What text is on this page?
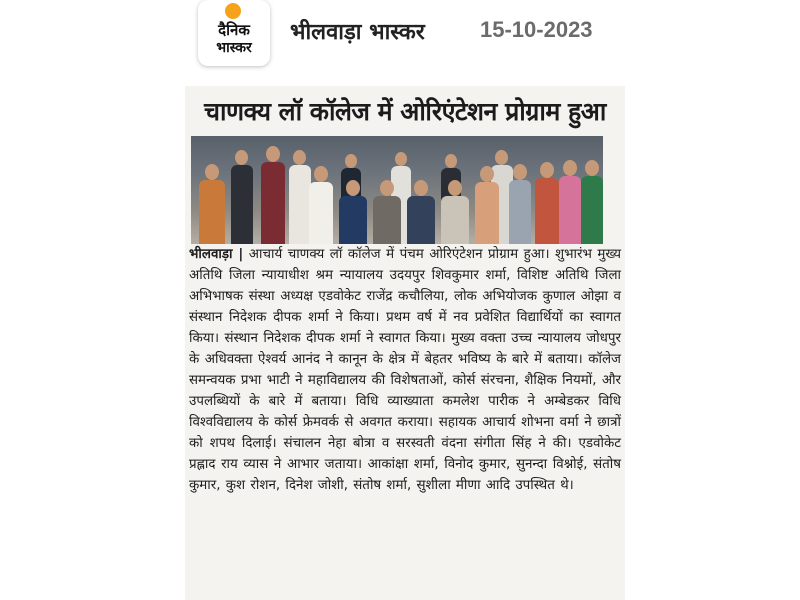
दैनिक
भास्कर
भीलवाड़ा भास्कर	15-10-2023
चाणक्य लॉ कॉलेज में ओरिएंटेशन प्रोग्राम हुआ
भीलवाड़ा | आचार्य चाणक्य लॉ कॉलेज में पंचम ओरिएंटेशन प्रोग्राम हुआ। शुभारंभ मुख्य अतिथि जिला न्यायाधीश श्रम न्यायालय उदयपुर शिवकुमार शर्मा, विशिष्ट अतिथि जिला अभिभाषक संस्था अध्यक्ष एडवोकेट राजेंद्र कचौलिया, लोक अभियोजक कुणाल ओझा व संस्थान निदेशक दीपक शर्मा ने किया। प्रथम वर्ष में नव प्रवेशित विद्यार्थियों का स्वागत किया। संस्थान निदेशक दीपक शर्मा ने स्वागत किया। मुख्य वक्ता उच्च न्यायालय जोधपुर के अधिवक्ता ऐश्वर्य आनंद ने कानून के क्षेत्र में बेहतर भविष्य के बारे में बताया। कॉलेज समन्वयक प्रभा भाटी ने महाविद्यालय की विशेषताओं, कोर्स संरचना, शैक्षिक नियमों, और उपलब्धियों के बारे में बताया। विधि व्याख्याता कमलेश पारीक ने अम्बेडकर विधि विश्वविद्यालय के कोर्स फ्रेमवर्क से अवगत कराया। सहायक आचार्य शोभना वर्मा ने छात्रों को शपथ दिलाई। संचालन नेहा बोत्रा व सरस्वती वंदना संगीता सिंह ने की। एडवोकेट प्रह्लाद राय व्यास ने आभार जताया। आकांक्षा शर्मा, विनोद कुमार, सुनन्दा विश्नोई, संतोष कुमार, कुश रोशन, दिनेश जोशी, संतोष शर्मा, सुशीला मीणा आदि उपस्थित थे।
